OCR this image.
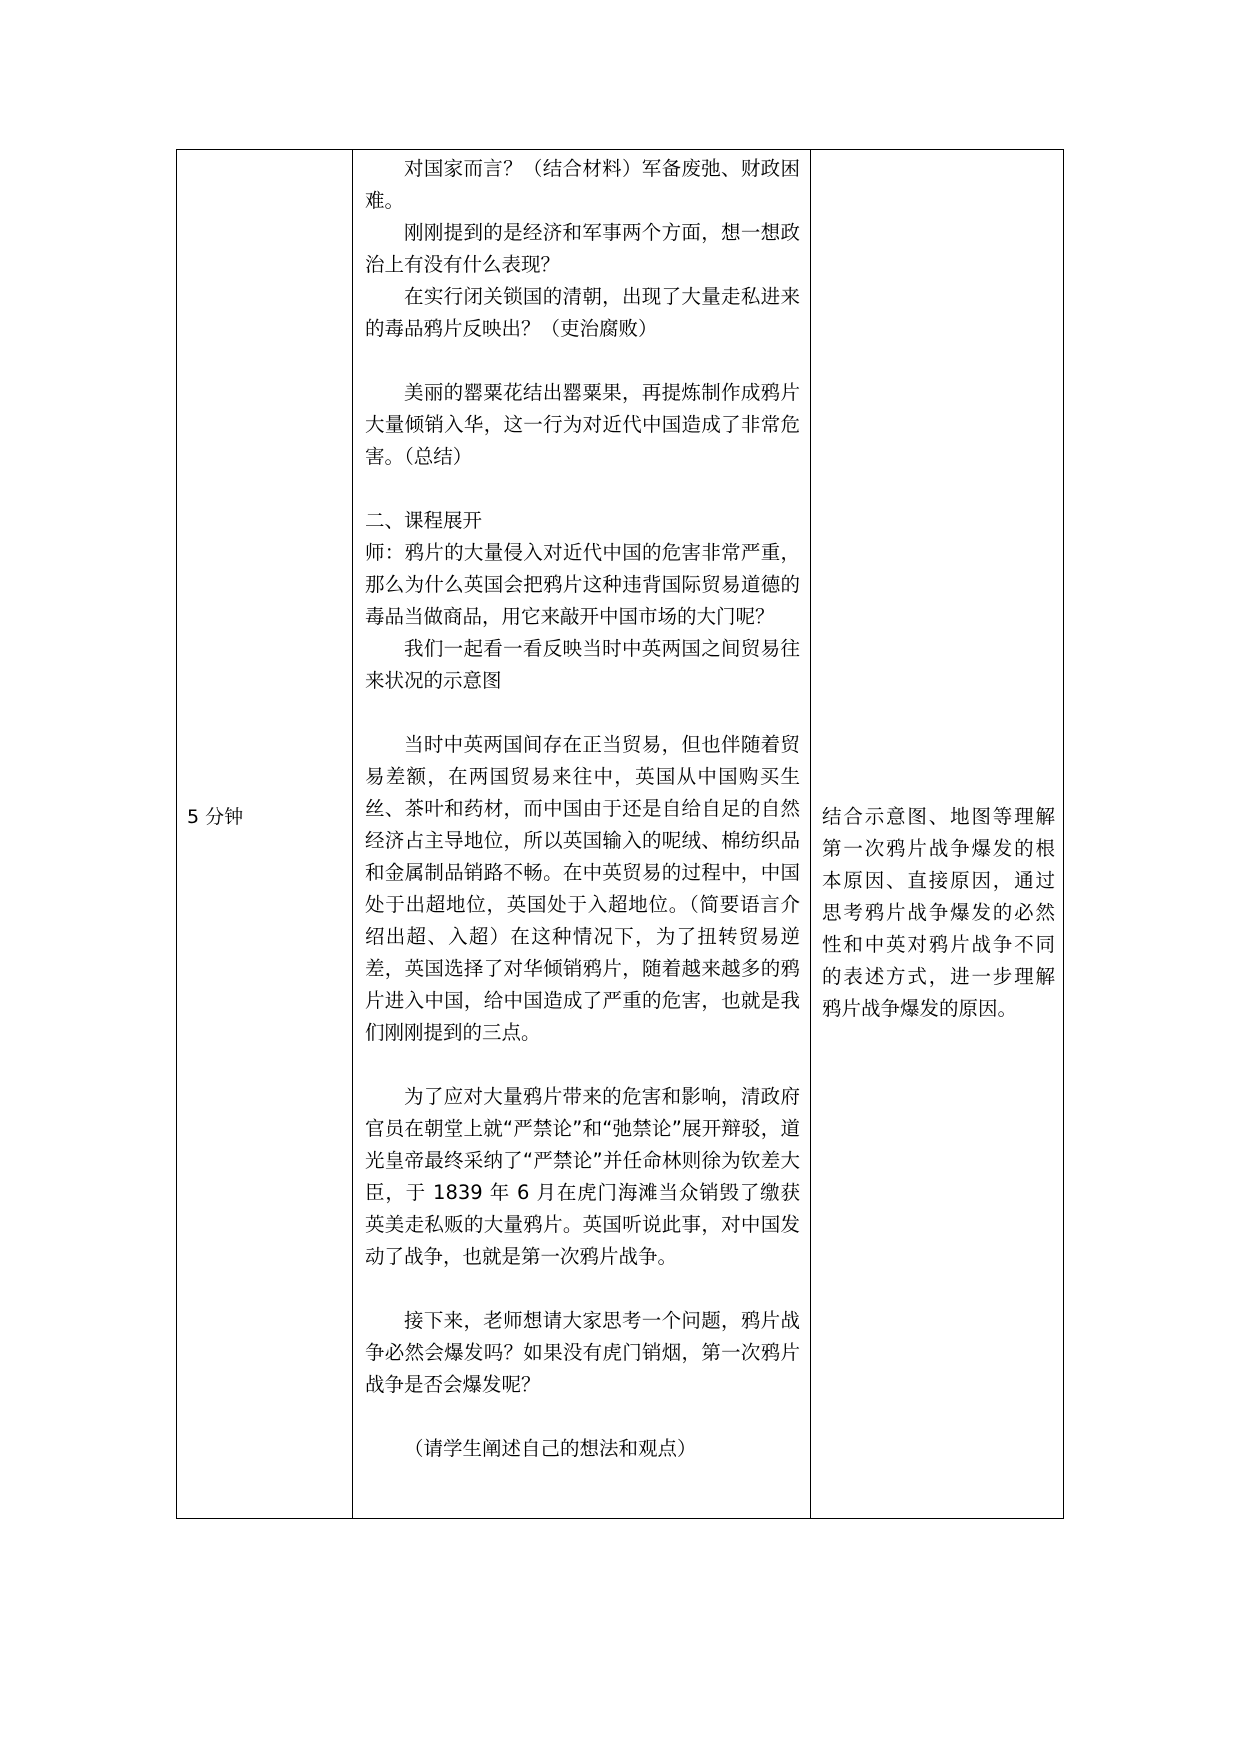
5 分钟

对国家而言？（结合材料）军备废弛、财政困难。

刚刚提到的是经济和军事两个方面，想一想政治上有没有什么表现？

在实行闭关锁国的清朝，出现了大量走私进来的毒品鸦片反映出？（吏治腐败）

美丽的罂粟花结出罂粟果，再提炼制作成鸦片大量倾销入华，这一行为对近代中国造成了非常危害。（总结）

二、课程展开

师：鸦片的大量侵入对近代中国的危害非常严重，那么为什么英国会把鸦片这种违背国际贸易道德的毒品当做商品，用它来敲开中国市场的大门呢？

我们一起看一看反映当时中英两国之间贸易往来状况的示意图

当时中英两国间存在正当贸易，但也伴随着贸易差额，在两国贸易来往中，英国从中国购买生丝、茶叶和药材，而中国由于还是自给自足的自然经济占主导地位，所以英国输入的呢绒、棉纺织品和金属制品销路不畅。在中英贸易的过程中，中国处于出超地位，英国处于入超地位。（简要语言介绍出超、入超）在这种情况下，为了扭转贸易逆差，英国选择了对华倾销鸦片，随着越来越多的鸦片进入中国，给中国造成了严重的危害，也就是我们刚刚提到的三点。

为了应对大量鸦片带来的危害和影响，清政府官员在朝堂上就“严禁论”和“弛禁论”展开辩驳，道光皇帝最终采纳了“严禁论”并任命林则徐为钦差大臣，于 1839 年 6 月在虎门海滩当众销毁了缴获英美走私贩的大量鸦片。英国听说此事，对中国发动了战争，也就是第一次鸦片战争。

接下来，老师想请大家思考一个问题，鸦片战争必然会爆发吗？如果没有虎门销烟，第一次鸦片战争是否会爆发呢？

（请学生阐述自己的想法和观点）

结合示意图、地图等理解第一次鸦片战争爆发的根本原因、直接原因，通过思考鸦片战争爆发的必然性和中英对鸦片战争不同的表述方式，进一步理解鸦片战争爆发的原因。
